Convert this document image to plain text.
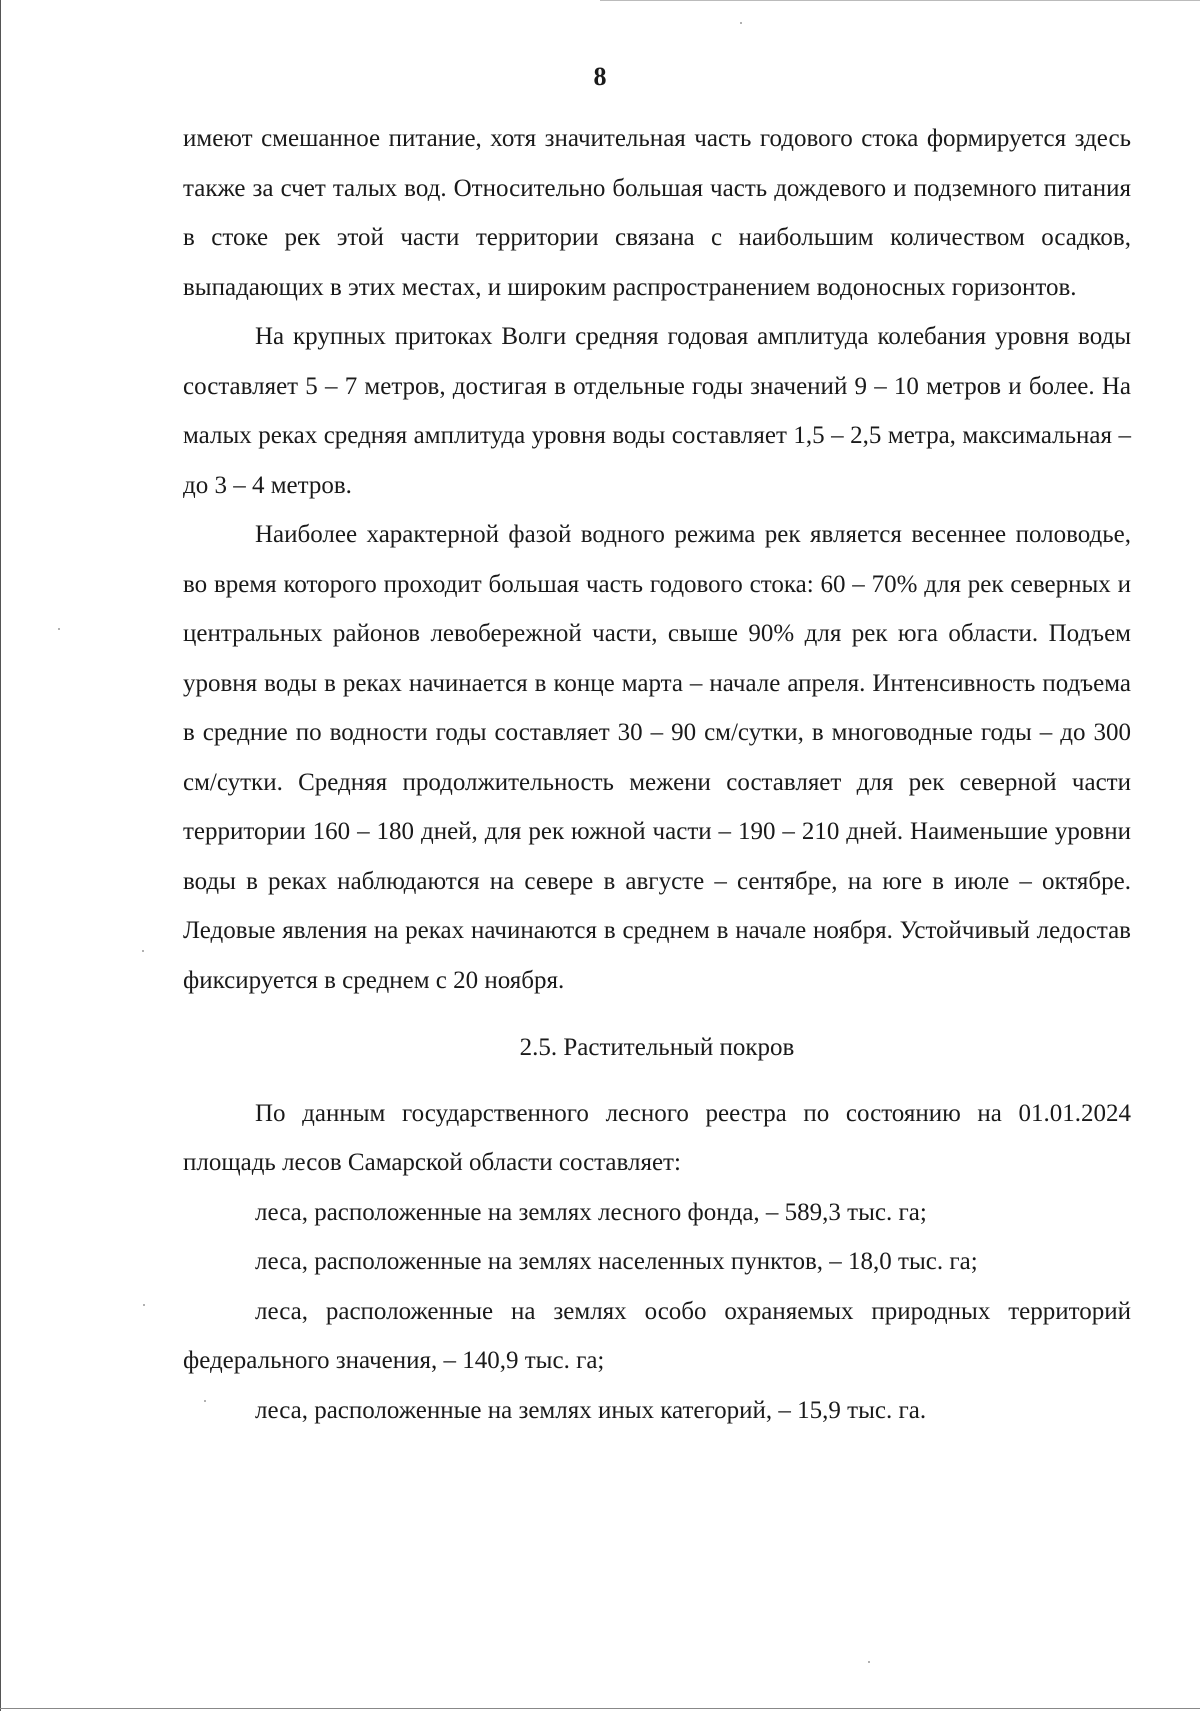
8

имеют смешанное питание, хотя значительная часть годового стока формируется здесь также за счет талых вод. Относительно большая часть дождевого и подземного питания в стоке рек этой части территории связана с наибольшим количеством осадков, выпадающих в этих местах, и широким распространением водоносных горизонтов.

На крупных притоках Волги средняя годовая амплитуда колебания уровня воды составляет 5 – 7 метров, достигая в отдельные годы значений 9 – 10 метров и более. На малых реках средняя амплитуда уровня воды составляет 1,5 – 2,5 метра, максимальная – до 3 – 4 метров.

Наиболее характерной фазой водного режима рек является весеннее половодье, во время которого проходит большая часть годового стока: 60 – 70% для рек северных и центральных районов левобережной части, свыше 90% для рек юга области. Подъем уровня воды в реках начинается в конце марта – начале апреля. Интенсивность подъема в средние по водности годы составляет 30 – 90 см/сутки, в многоводные годы – до 300 см/сутки. Средняя продолжительность межени составляет для рек северной части территории 160 – 180 дней, для рек южной части – 190 – 210 дней. Наименьшие уровни воды в реках наблюдаются на севере в августе – сентябре, на юге в июле – октябре. Ледовые явления на реках начинаются в среднем в начале ноября. Устойчивый ледостав фиксируется в среднем с 20 ноября.

2.5. Растительный покров

По данным государственного лесного реестра по состоянию на 01.01.2024 площадь лесов Самарской области составляет:

леса, расположенные на землях лесного фонда, – 589,3 тыс. га;

леса, расположенные на землях населенных пунктов, – 18,0 тыс. га;

леса, расположенные на землях особо охраняемых природных территорий федерального значения, – 140,9 тыс. га;

леса, расположенные на землях иных категорий, – 15,9 тыс. га.
